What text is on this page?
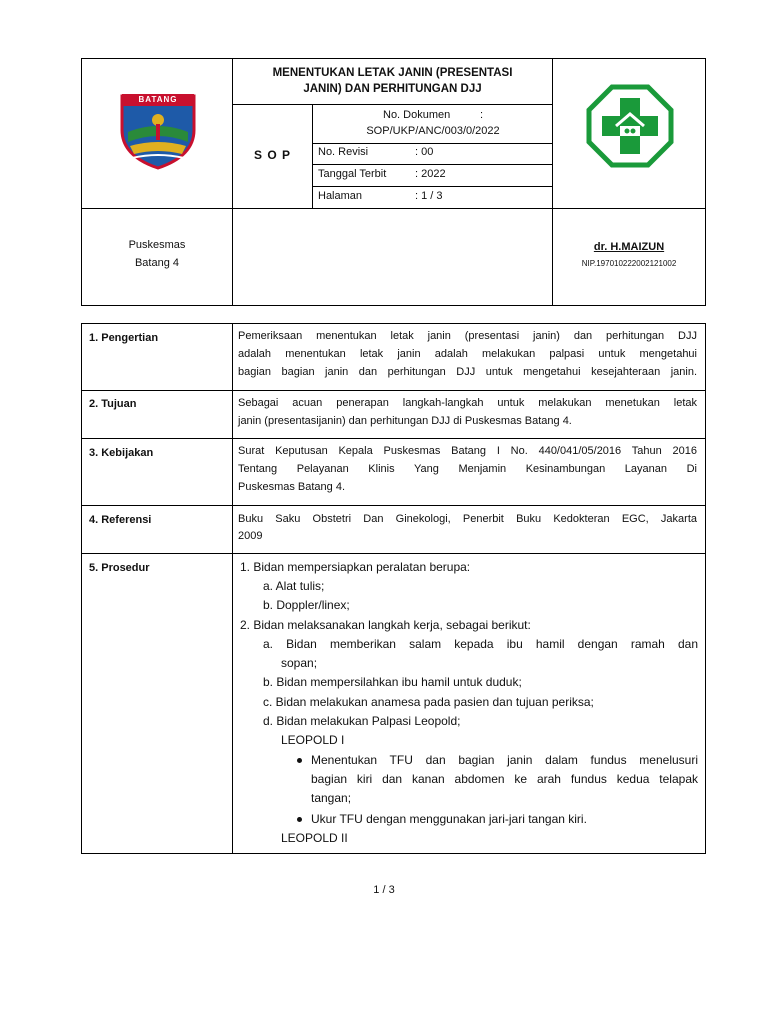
MENENTUKAN LETAK JANIN (PRESENTASI
JANIN) DAN PERHITUNGAN DJJ
S O P
No. Dokumen	:
SOP/UKP/ANC/003/0/2022
No. Revisi	: 00
Tanggal Terbit	: 2022
Halaman	: 1 / 3
BATANG
Puskesmas
Batang 4
dr. H.MAIZUN
NIP.197010222002121002
1. Pengertian	Pemeriksaan menentukan letak janin (presentasi janin) dan perhitungan DJJ
adalah menentukan letak janin adalah melakukan palpasi untuk mengetahui
bagian bagian janin dan perhitungan DJJ untuk mengetahui kesejahteraan janin.
2. Tujuan	Sebagai acuan penerapan langkah-langkah untuk melakukan menetukan letak
janin (presentasijanin) dan perhitungan DJJ di Puskesmas Batang 4.
3. Kebijakan	Surat Keputusan Kepala Puskesmas Batang I No. 440/041/05/2016 Tahun 2016
Tentang Pelayanan Klinis Yang Menjamin Kesinambungan Layanan Di
Puskesmas Batang 4.
4. Referensi	Buku Saku Obstetri Dan Ginekologi, Penerbit Buku Kedokteran EGC, Jakarta
2009
5. Prosedur	1. Bidan mempersiapkan peralatan berupa:
a. Alat tulis;
b. Doppler/linex;
2. Bidan melaksanakan langkah kerja, sebagai berikut:
a. Bidan memberikan salam kepada ibu hamil dengan ramah dan
sopan;
b. Bidan mempersilahkan ibu hamil untuk duduk;
c. Bidan melakukan anamesa pada pasien dan tujuan periksa;
d. Bidan melakukan Palpasi Leopold;
LEOPOLD I
Menentukan TFU dan bagian janin dalam fundus menelusuri
bagian kiri dan kanan abdomen ke arah fundus kedua telapak
tangan;
Ukur TFU dengan menggunakan jari-jari tangan kiri.
LEOPOLD II
1 / 3
